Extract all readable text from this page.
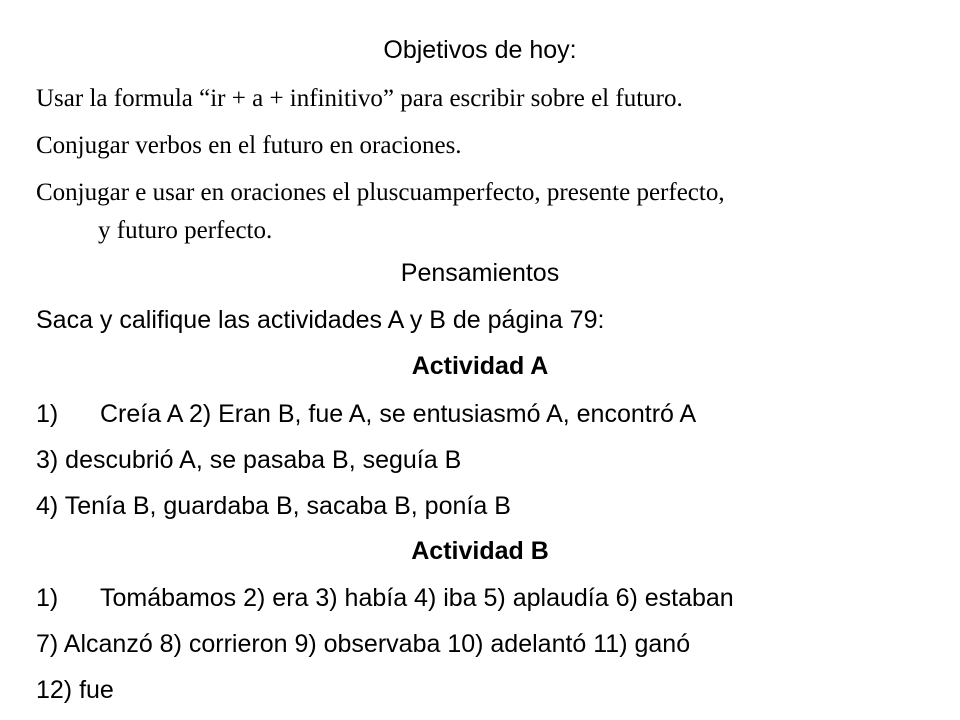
Objetivos de hoy:
Usar la formula “ir + a + infinitivo” para escribir sobre el futuro.
Conjugar verbos en el futuro en oraciones.
Conjugar e usar en oraciones el pluscuamperfecto, presente perfecto,
y futuro perfecto.
Pensamientos
Saca y califique las actividades A y B de página 79:
Actividad A
1) Creía A 2) Eran B, fue A, se entusiasmó A, encontró A
3) descubrió A, se pasaba B, seguía B
4) Tenía B, guardaba B, sacaba B, ponía B
Actividad B
1) Tomábamos 2) era 3) había 4) iba 5) aplaudía 6) estaban
7) Alcanzó 8) corrieron 9) observaba 10) adelantó 11) ganó
12) fue
